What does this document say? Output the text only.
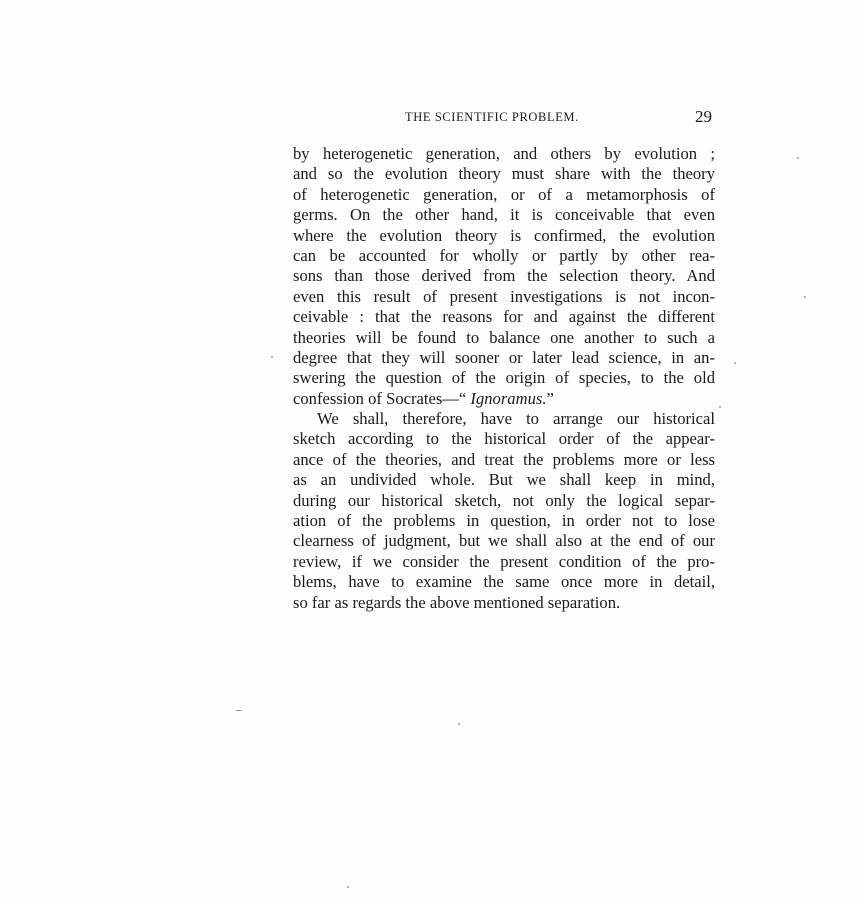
THE SCIENTIFIC PROBLEM.	29
by heterogenetic generation, and others by evolution ;
and so the evolution theory must share with the theory
of heterogenetic generation, or of a metamorphosis of
germs. On the other hand, it is conceivable that even
where the evolution theory is confirmed, the evolution
can be accounted for wholly or partly by other rea-
sons than those derived from the selection theory. And
even this result of present investigations is not incon-
ceivable : that the reasons for and against the different
theories will be found to balance one another to such a
degree that they will sooner or later lead science, in an-
swering the question of the origin of species, to the old
confession of Socrates—“ Ignoramus.”
We shall, therefore, have to arrange our historical
sketch according to the historical order of the appear-
ance of the theories, and treat the problems more or less
as an undivided whole. But we shall keep in mind,
during our historical sketch, not only the logical separ-
ation of the problems in question, in order not to lose
clearness of judgment, but we shall also at the end of our
review, if we consider the present condition of the pro-
blems, have to examine the same once more in detail,
so far as regards the above mentioned separation.
